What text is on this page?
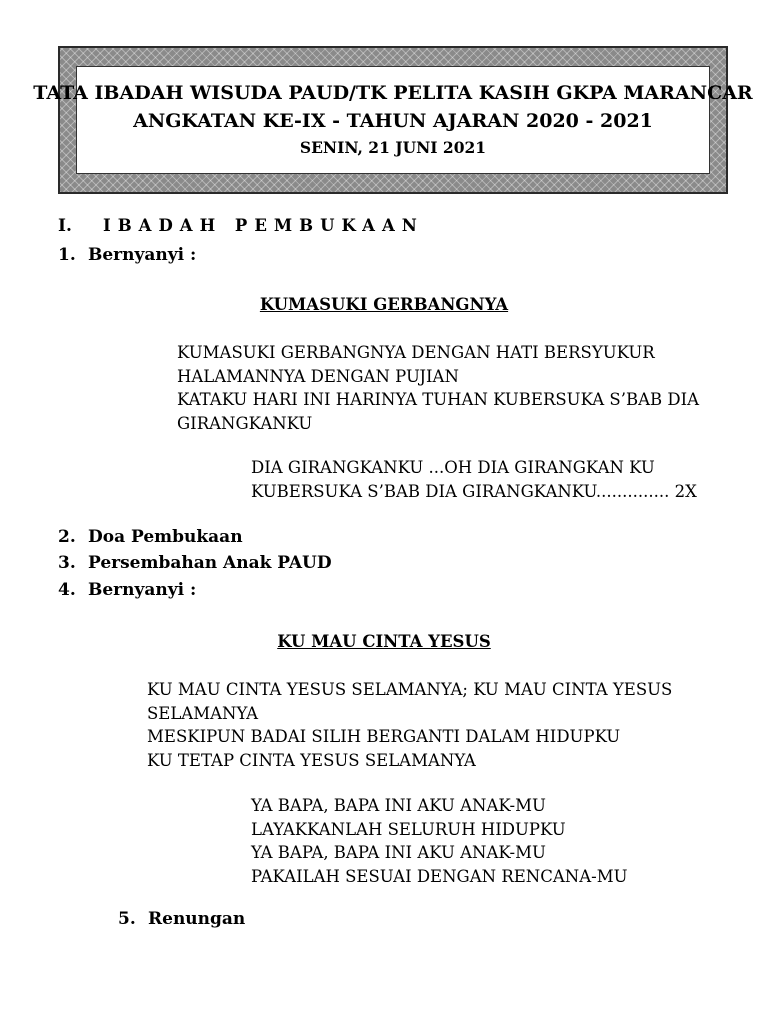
TATA IBADAH WISUDA PAUD/TK PELITA KASIH GKPA MARANCAR
ANGKATAN KE-IX - TAHUN AJARAN 2020 - 2021
SENIN, 21 JUNI 2021
I. IBADAH PEMBUKAAN
1. Bernyanyi :
KUMASUKI GERBANGNYA
KUMASUKI GERBANGNYA DENGAN HATI BERSYUKUR
HALAMANNYA DENGAN PUJIAN
KATAKU HARI INI HARINYA TUHAN KUBERSUKA S’BAB DIA
GIRANGKANKU
DIA GIRANGKANKU ...OH DIA GIRANGKAN KU
KUBERSUKA S’BAB DIA GIRANGKANKU.............. 2X
2. Doa Pembukaan
3. Persembahan Anak PAUD
4. Bernyanyi :
KU MAU CINTA YESUS
KU MAU CINTA YESUS SELAMANYA; KU MAU CINTA YESUS
SELAMANYA
MESKIPUN BADAI SILIH BERGANTI DALAM HIDUPKU
KU TETAP CINTA YESUS SELAMANYA
YA BAPA, BAPA INI AKU ANAK-MU
LAYAKKANLAH SELURUH HIDUPKU
YA BAPA, BAPA INI AKU ANAK-MU
PAKAILAH SESUAI DENGAN RENCANA-MU
5. Renungan
